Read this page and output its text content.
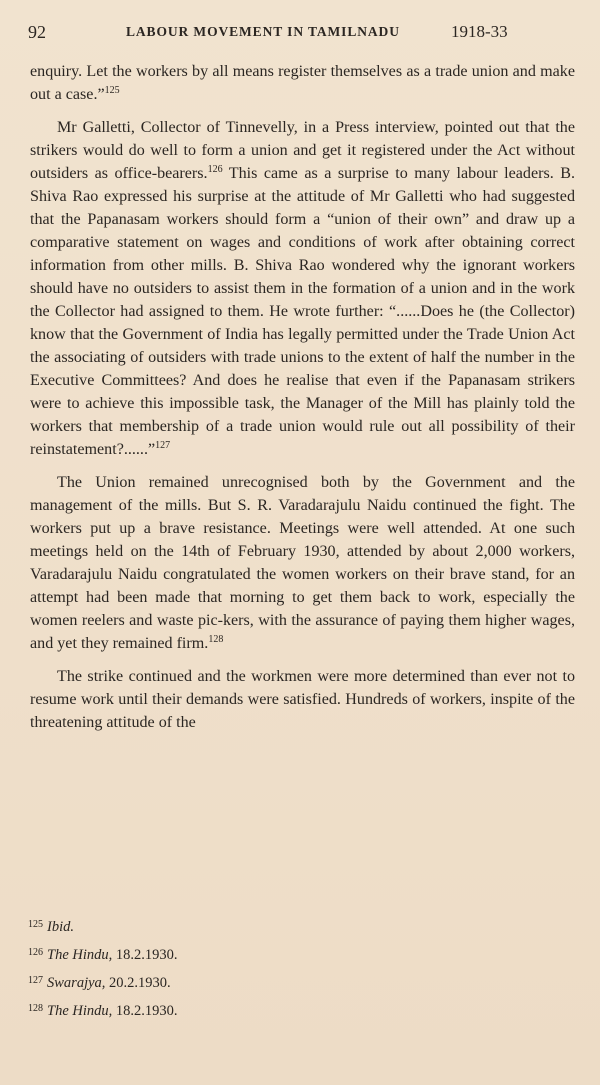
92	LABOUR MOVEMENT IN TAMILNADU	1918-33

enquiry. Let the workers by all means register themselves as a trade union and make out a case.”$^{125}$

Mr Galletti, Collector of Tinnevelly, in a Press interview, pointed out that the strikers would do well to form a union and get it registered under the Act without outsiders as office-bearers.$^{126}$ This came as a surprise to many labour leaders. B. Shiva Rao expressed his surprise at the attitude of Mr Galletti who had suggested that the Papanasam workers should form a “union of their own” and draw up a comparative statement on wages and conditions of work after obtaining correct information from other mills. B. Shiva Rao wondered why the ignorant workers should have no outsiders to assist them in the formation of a union and in the work the Collector had assigned to them. He wrote further: “......Does he (the Collector) know that the Government of India has legally permitted under the Trade Union Act the associating of outsiders with trade unions to the extent of half the number in the Executive Committees? And does he realise that even if the Papanasam strikers were to achieve this impossible task, the Manager of the Mill has plainly told the workers that membership of a trade union would rule out all possibility of their reinstatement?......”$^{127}$

The Union remained unrecognised both by the Government and the management of the mills. But S. R. Varadarajulu Naidu continued the fight. The workers put up a brave resistance. Meetings were well attended. At one such meetings held on the 14th of February 1930, attended by about 2,000 workers, Varadarajulu Naidu congratulated the women workers on their brave stand, for an attempt had been made that morning to get them back to work, especially the women reelers and waste pic-kers, with the assurance of paying them higher wages, and yet they remained firm.$^{128}$

The strike continued and the workmen were more determined than ever not to resume work until their demands were satisfied. Hundreds of workers, inspite of the threatening attitude of the

$^{125}$ Ibid.
$^{126}$ The Hindu, 18.2.1930.
$^{127}$ Swarajya, 20.2.1930.
$^{128}$ The Hindu, 18.2.1930.
